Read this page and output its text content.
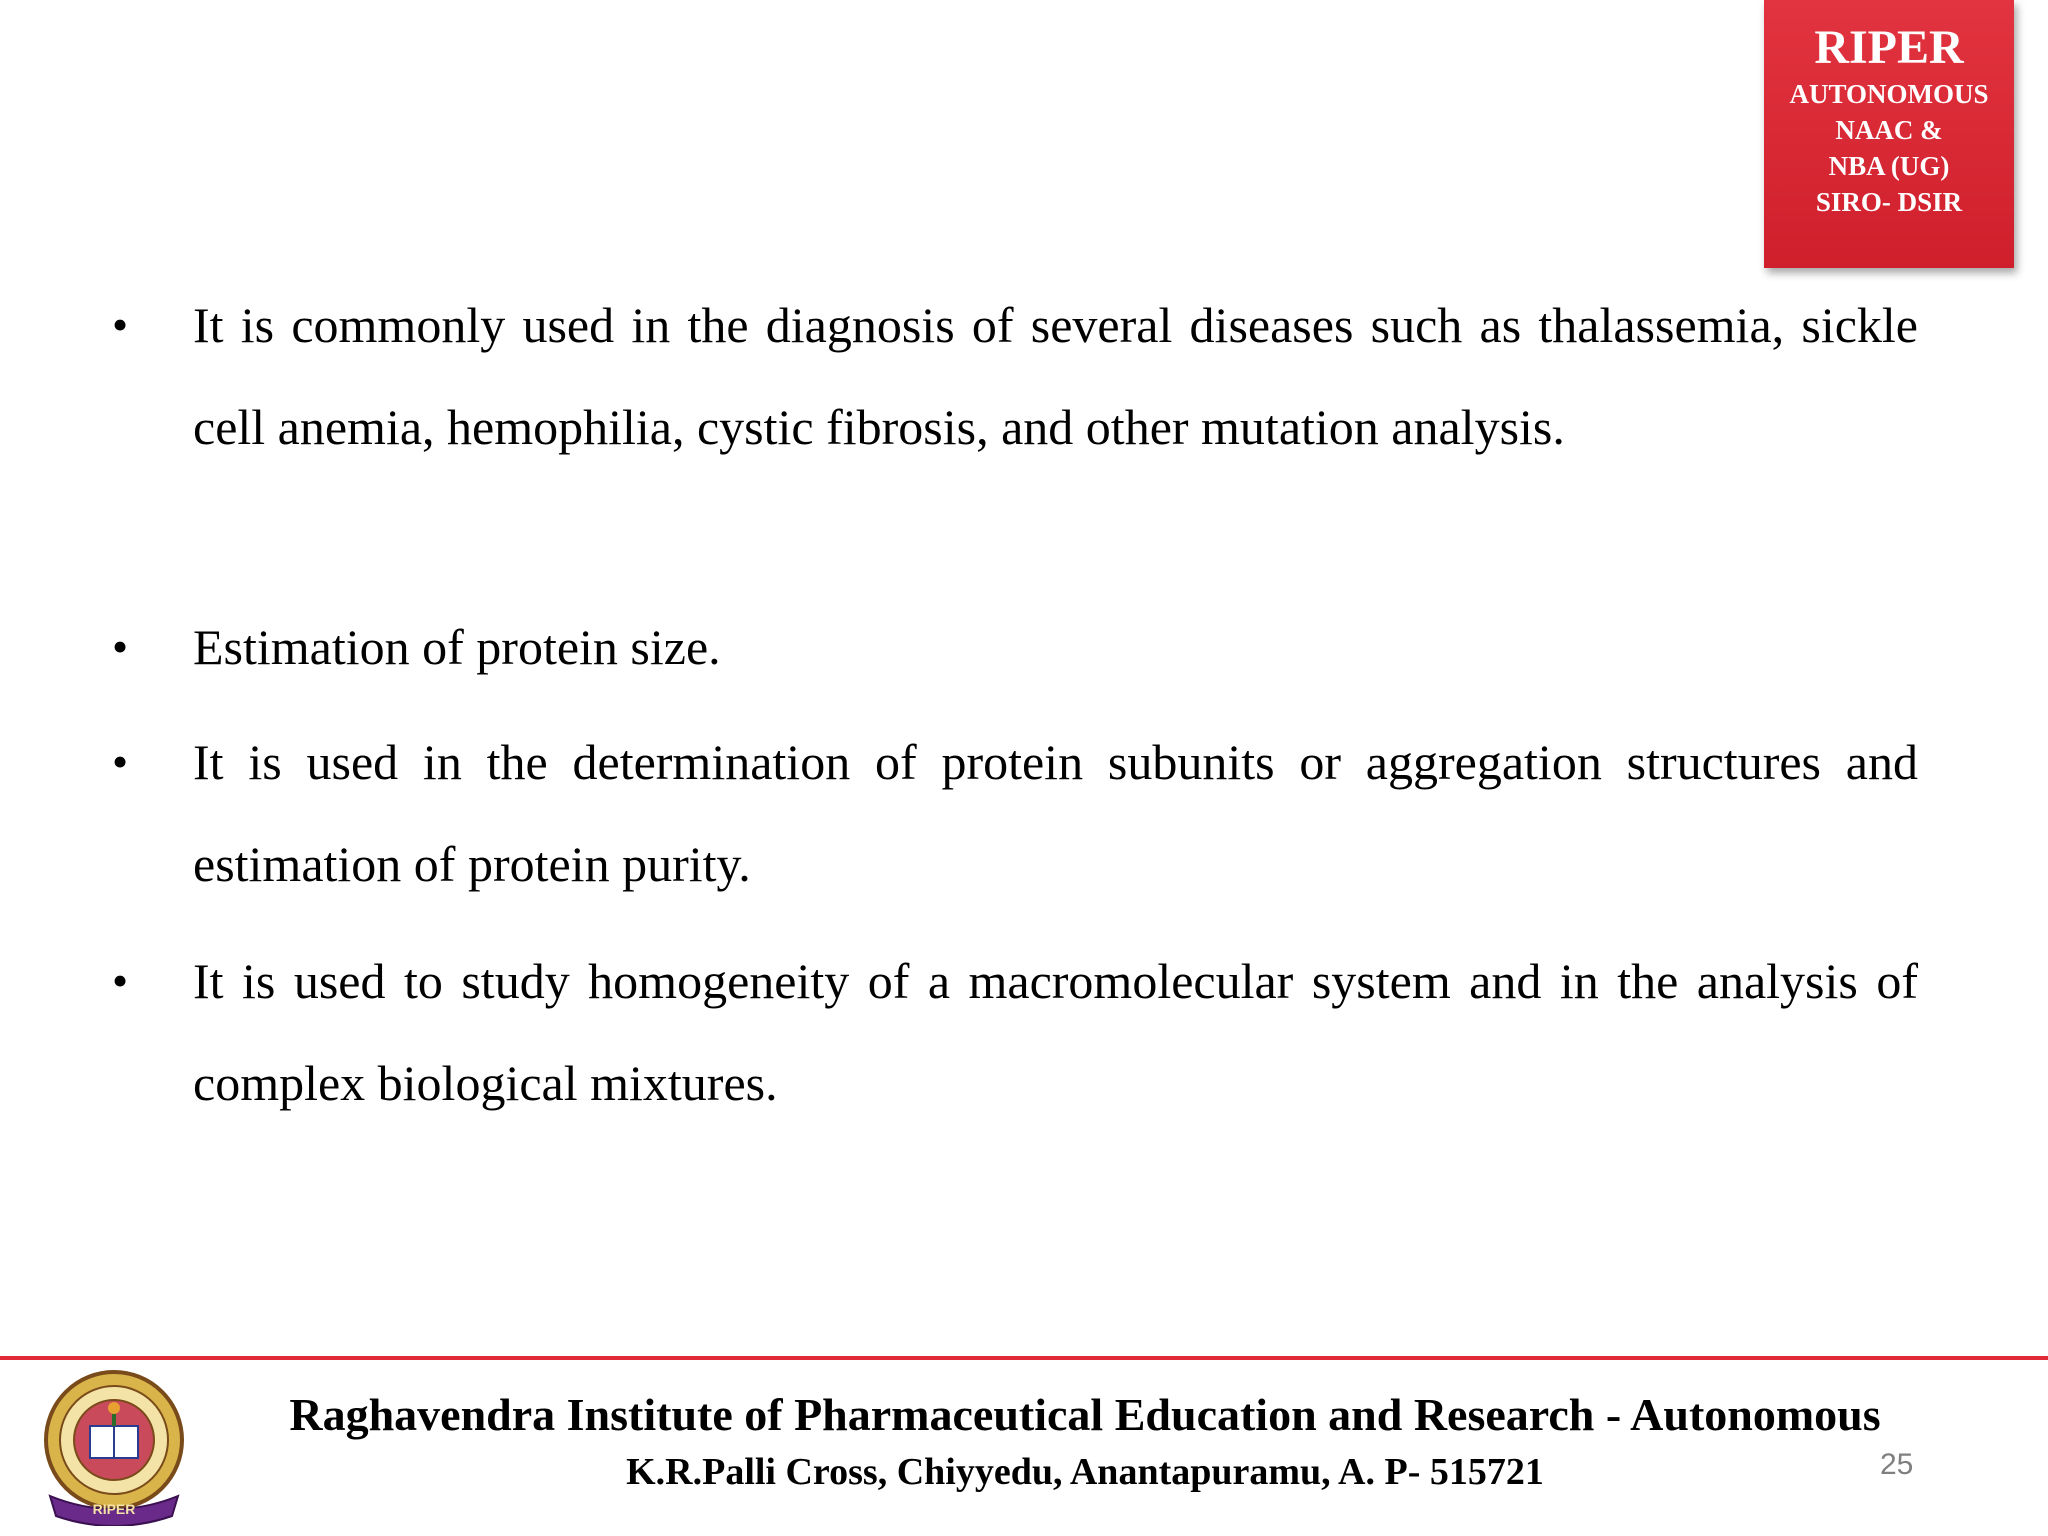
RIPER
AUTONOMOUS
NAAC &
NBA (UG)
SIRO- DSIR
• It is commonly used in the diagnosis of several diseases such as thalassemia, sickle cell anemia, hemophilia, cystic fibrosis, and other mutation analysis.
• Estimation of protein size.
• It is used in the determination of protein subunits or aggregation structures and estimation of protein purity.
• It is used to study homogeneity of a macromolecular system and in the analysis of complex biological mixtures.
RIPER
Raghavendra Institute of Pharmaceutical Education and Research - Autonomous
K.R.Palli Cross, Chiyyedu, Anantapuramu, A. P- 515721	25
